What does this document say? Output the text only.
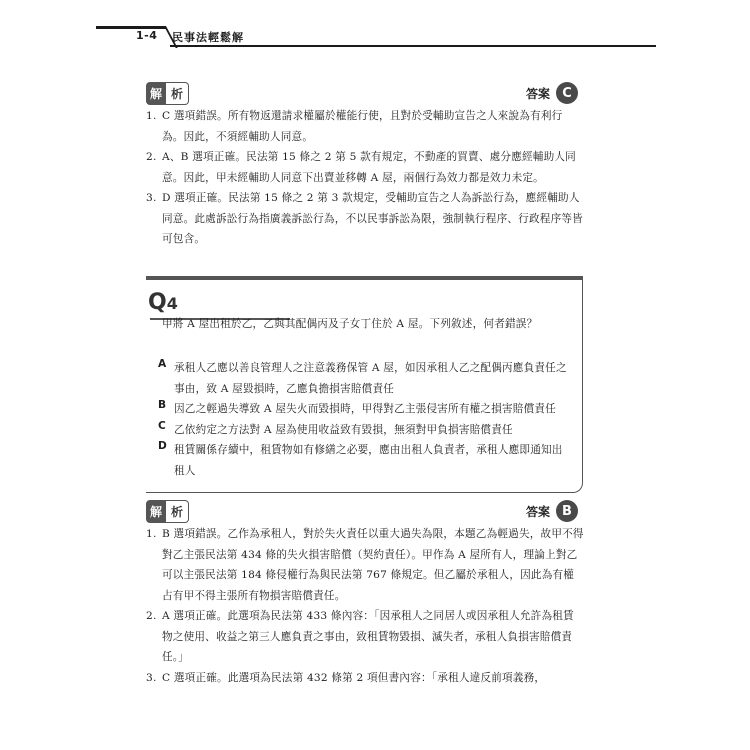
1-4 民事法輕鬆解
解 析	答案 C
1. C 選項錯誤。所有物返還請求權屬於權能行使，且對於受輔助宣告之人來說為有利行為。因此，不須經輔助人同意。
2. A、B 選項正確。民法第 15 條之 2 第 5 款有規定，不動產的買賣、處分應經輔助人同意。因此，甲未經輔助人同意下出賣並移轉 A 屋，兩個行為效力都是效力未定。
3. D 選項正確。民法第 15 條之 2 第 3 款規定，受輔助宣告之人為訴訟行為，應經輔助人同意。此處訴訟行為指廣義訴訟行為，不以民事訴訟為限，強制執行程序、行政程序等皆可包含。
Q4
甲將 A 屋出租於乙，乙與其配偶丙及子女丁住於 A 屋。下列敘述，何者錯誤？
A 承租人乙應以善良管理人之注意義務保管 A 屋，如因承租人乙之配偶丙應負責任之事由，致 A 屋毀損時，乙應負擔損害賠償責任
B 因乙之輕過失導致 A 屋失火而毀損時，甲得對乙主張侵害所有權之損害賠償責任
C 乙依約定之方法對 A 屋為使用收益致有毀損，無須對甲負損害賠償責任
D 租賃關係存續中，租賃物如有修繕之必要，應由出租人負責者，承租人應即通知出租人
解 析	答案 B
1. B 選項錯誤。乙作為承租人，對於失火責任以重大過失為限，本題乙為輕過失，故甲不得對乙主張民法第 434 條的失火損害賠償（契約責任）。甲作為 A 屋所有人，理論上對乙可以主張民法第 184 條侵權行為與民法第 767 條規定。但乙屬於承租人，因此為有權占有甲不得主張所有物損害賠償責任。
2. A 選項正確。此選項為民法第 433 條內容：「因承租人之同居人或因承租人允許為租賃物之使用、收益之第三人應負責之事由，致租賃物毀損、滅失者，承租人負損害賠償責任。」
3. C 選項正確。此選項為民法第 432 條第 2 項但書內容：「承租人違反前項義務，
